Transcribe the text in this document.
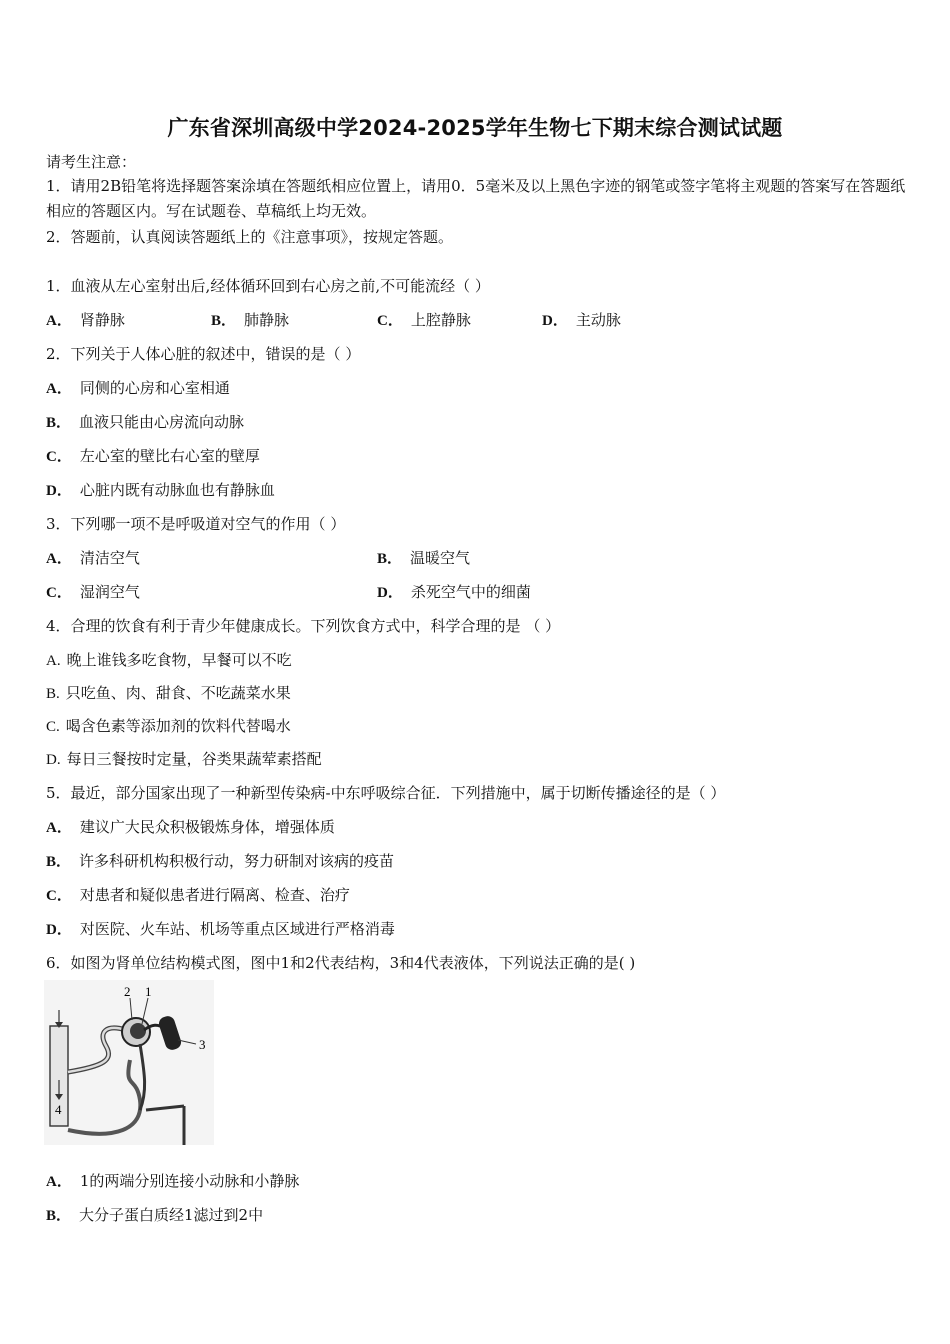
广东省深圳高级中学2024-2025学年生物七下期末综合测试试题
请考生注意：
1．请用2B铅笔将选择题答案涂填在答题纸相应位置上，请用0．5毫米及以上黑色字迹的钢笔或签字笔将主观题的答案写在答题纸相应的答题区内。写在试题卷、草稿纸上均无效。
2．答题前，认真阅读答题纸上的《注意事项》，按规定答题。
1．血液从左心室射出后,经体循环回到右心房之前,不可能流经（ ）
A． 肾静脉	B． 肺静脉	C． 上腔静脉	D． 主动脉
2．下列关于人体心脏的叙述中，错误的是（ ）
A． 同侧的心房和心室相通
B． 血液只能由心房流向动脉
C． 左心室的壁比右心室的壁厚
D． 心脏内既有动脉血也有静脉血
3．下列哪一项不是呼吸道对空气的作用（ ）
A． 清洁空气	B． 温暖空气
C． 湿润空气	D． 杀死空气中的细菌
4．合理的饮食有利于青少年健康成长。下列饮食方式中，科学合理的是 （ ）
A. 晚上谁钱多吃食物，早餐可以不吃
B. 只吃鱼、肉、甜食、不吃蔬菜水果
C. 喝含色素等添加剂的饮料代替喝水
D. 每日三餐按时定量，谷类果蔬荤素搭配
5．最近，部分国家出现了一种新型传染病-中东呼吸综合征．下列措施中，属于切断传播途径的是（ ）
A． 建议广大民众积极锻炼身体，增强体质
B． 许多科研机构积极行动，努力研制对该病的疫苗
C． 对患者和疑似患者进行隔离、检查、治疗
D． 对医院、火车站、机场等重点区域进行严格消毒
6．如图为肾单位结构模式图，图中1和2代表结构，3和4代表液体，下列说法正确的是( )
2 1
3
4
A． 1的两端分别连接小动脉和小静脉
B． 大分子蛋白质经1滤过到2中
